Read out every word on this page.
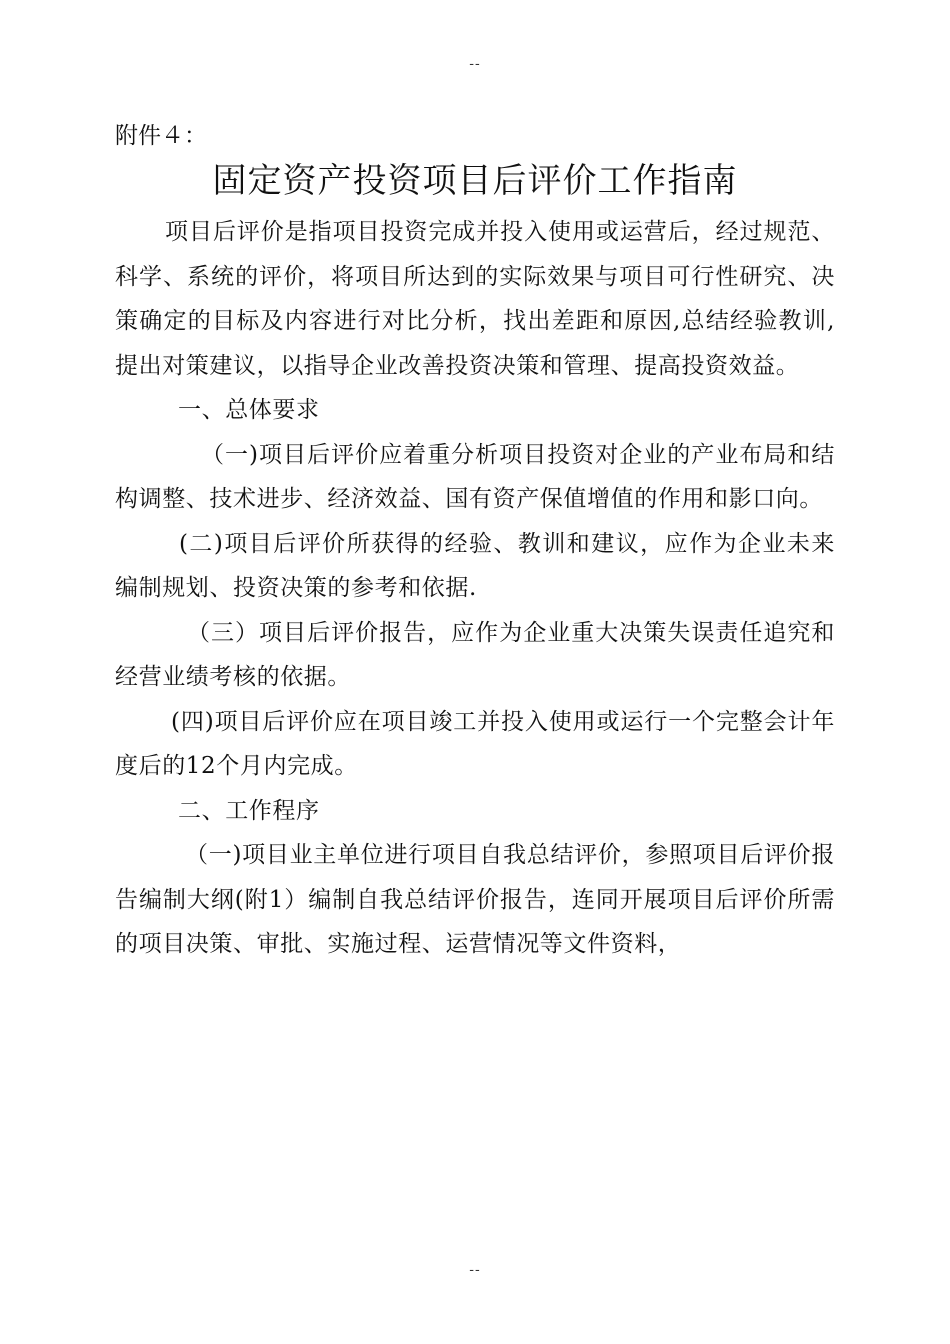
--

附件４：

固定资产投资项目后评价工作指南

项目后评价是指项目投资完成并投入使用或运营后，经过规范、科学、系统的评价，将项目所达到的实际效果与项目可行性研究、决策确定的目标及内容进行对比分析，找出差距和原因,总结经验教训,提出对策建议，以指导企业改善投资决策和管理、提高投资效益。

一、总体要求

（一)项目后评价应着重分析项目投资对企业的产业布局和结构调整、技术进步、经济效益、国有资产保值增值的作用和影口向。

(二)项目后评价所获得的经验、教训和建议，应作为企业未来编制规划、投资决策的参考和依据.

（三）项目后评价报告，应作为企业重大决策失误责任追究和经营业绩考核的依据。

(四)项目后评价应在项目竣工并投入使用或运行一个完整会计年度后的12个月内完成。

二、工作程序

（一)项目业主单位进行项目自我总结评价，参照项目后评价报告编制大纲(附1）编制自我总结评价报告，连同开展项目后评价所需的项目决策、审批、实施过程、运营情况等文件资料，

--
